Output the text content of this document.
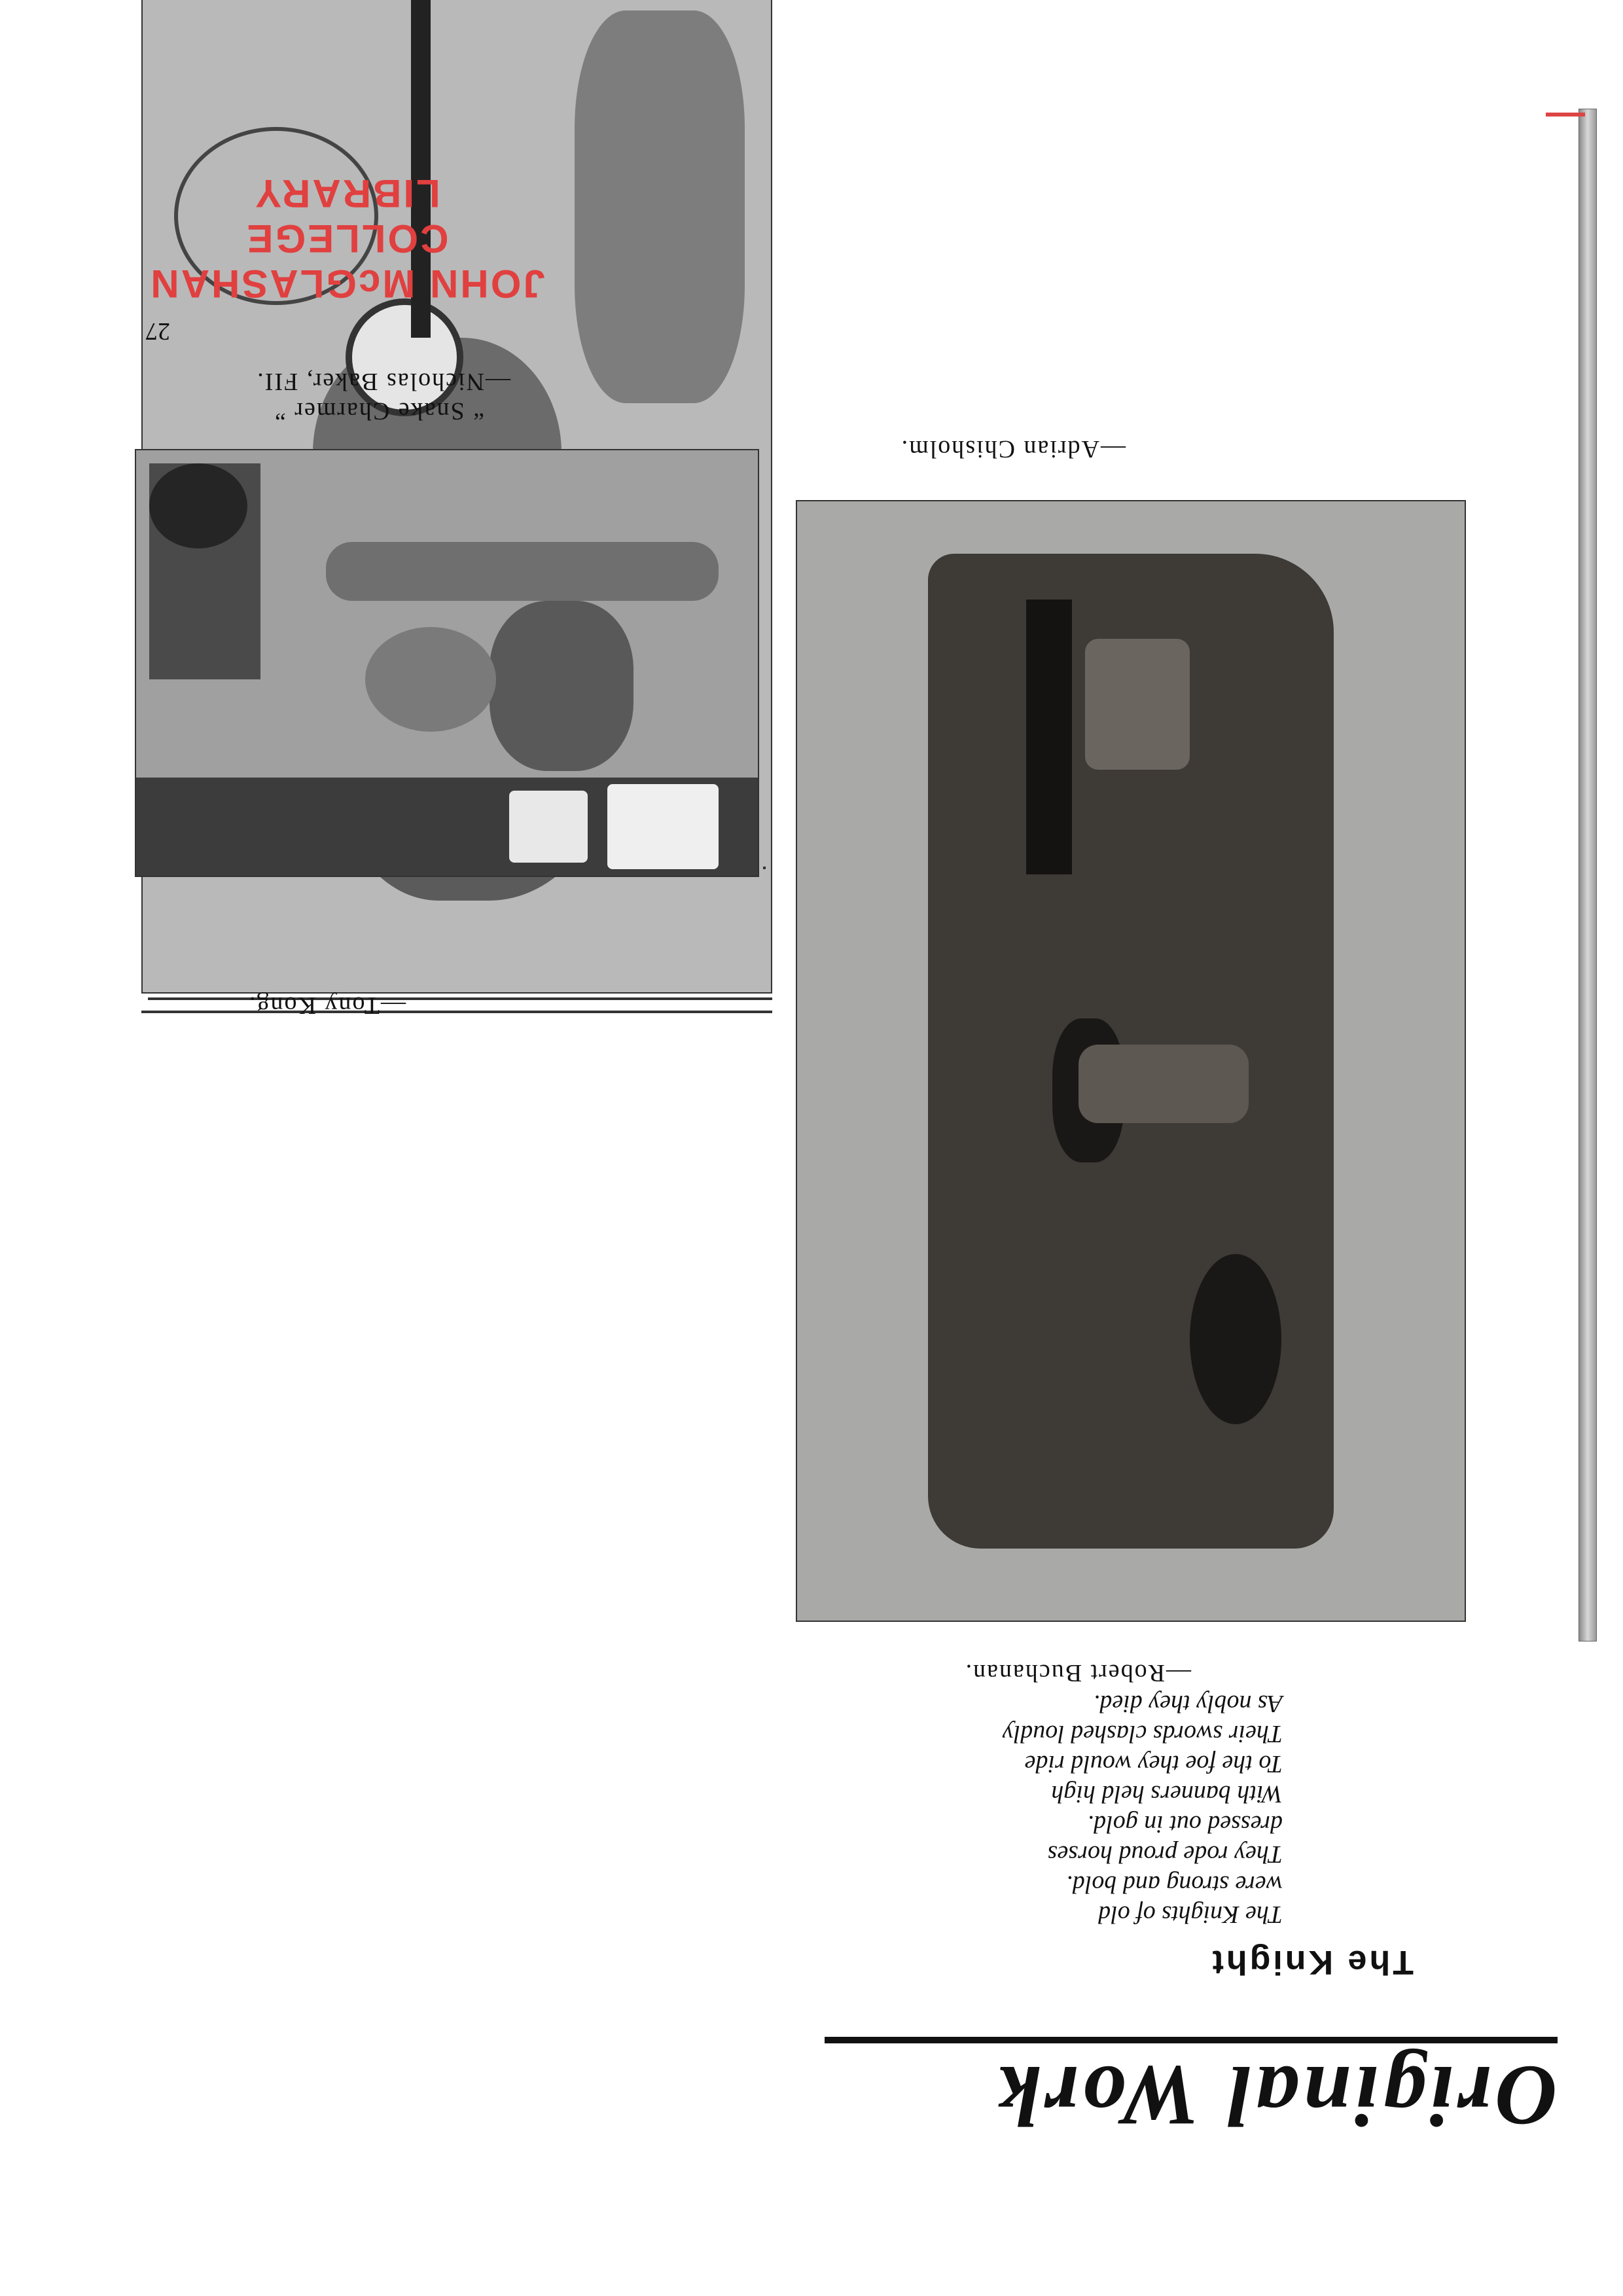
Original Work
The Knight
The Knights of old
were strong and bold.
They rode proud horses
dressed out in gold.
With banners held high
To the foe they would ride
Their swords clashed loudly
As nobly they died.
—Robert Buchanan.
—Adrian Chisholm.
—Tony Kong.
27
JOHN McGLASHAN COLLEGE
LIBRARY
“ Snake Charmer ”
—Nicholas Baker, FII.
